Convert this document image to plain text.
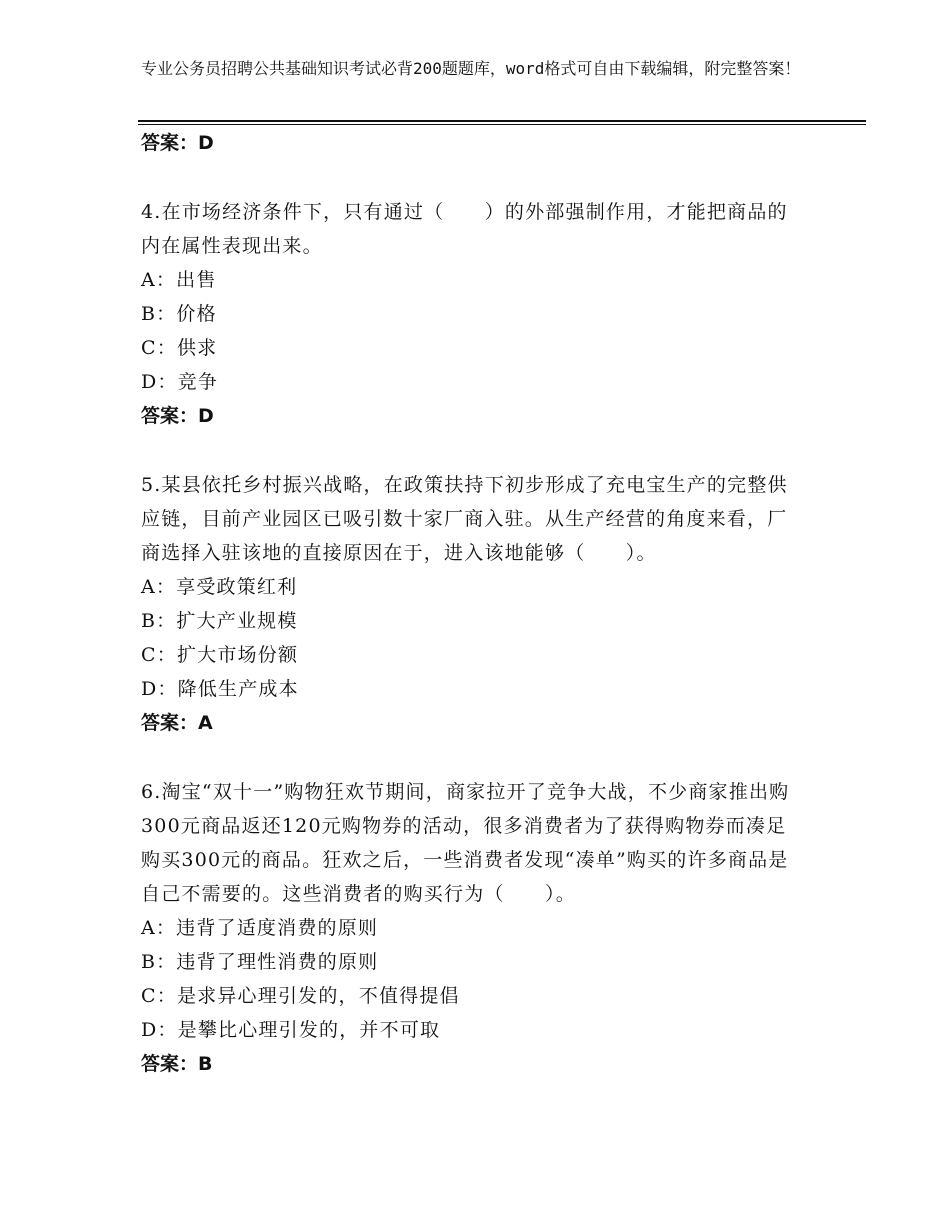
专业公务员招聘公共基础知识考试必背200题题库，word格式可自由下载编辑，附完整答案！
答案：D
4.在市场经济条件下，只有通过（　　）的外部强制作用，才能把商品的内在属性表现出来。
A：出售
B：价格
C：供求
D：竞争
答案：D
5.某县依托乡村振兴战略，在政策扶持下初步形成了充电宝生产的完整供应链，目前产业园区已吸引数十家厂商入驻。从生产经营的角度来看，厂商选择入驻该地的直接原因在于，进入该地能够（　　）。
A：享受政策红利
B：扩大产业规模
C：扩大市场份额
D：降低生产成本
答案：A
6.淘宝“双十一”购物狂欢节期间，商家拉开了竞争大战，不少商家推出购300元商品返还120元购物券的活动，很多消费者为了获得购物券而凑足购买300元的商品。狂欢之后，一些消费者发现“凑单”购买的许多商品是自己不需要的。这些消费者的购买行为（　　）。
A：违背了适度消费的原则
B：违背了理性消费的原则
C：是求异心理引发的，不值得提倡
D：是攀比心理引发的，并不可取
答案：B
